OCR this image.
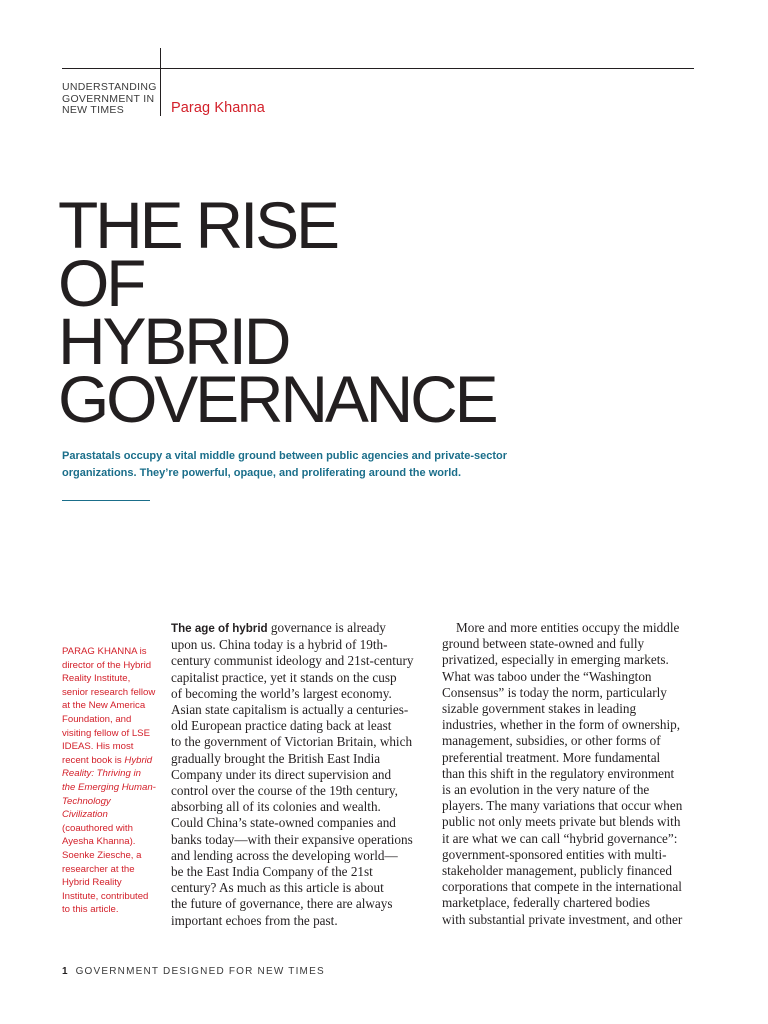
UNDERSTANDING
GOVERNMENT IN
NEW TIMES	Parag Khanna
THE RISE
OF
HYBRID
GOVERNANCE

Parastatals occupy a vital middle ground between public agencies and private-sector organizations. They’re powerful, opaque, and proliferating around the world.

PARAG KHANNA is director of the Hybrid Reality Institute, senior research fellow at the New America Foundation, and visiting fellow of LSE IDEAS. His most recent book is Hybrid Reality: Thriving in the Emerging Human-Technology Civilization (coauthored with Ayesha Khanna). Soenke Ziesche, a researcher at the Hybrid Reality Institute, contributed to this article.

The age of hybrid governance is already
upon us. China today is a hybrid of 19th-
century communist ideology and 21st-century
capitalist practice, yet it stands on the cusp
of becoming the world’s largest economy.
Asian state capitalism is actually a centuries-
old European practice dating back at least
to the government of Victorian Britain, which
gradually brought the British East India
Company under its direct supervision and
control over the course of the 19th century,
absorbing all of its colonies and wealth.
Could China’s state-owned companies and
banks today—with their expansive operations
and lending across the developing world—
be the East India Company of the 21st
century? As much as this article is about
the future of governance, there are always
important echoes from the past.
More and more entities occupy the middle
ground between state-owned and fully
privatized, especially in emerging markets.
What was taboo under the “Washington
Consensus” is today the norm, particularly
sizable government stakes in leading
industries, whether in the form of ownership,
management, subsidies, or other forms of
preferential treatment. More fundamental
than this shift in the regulatory environment
is an evolution in the very nature of the
players. The many variations that occur when
public not only meets private but blends with
it are what we can call “hybrid governance”:
government-sponsored entities with multi-
stakeholder management, publicly financed
corporations that compete in the international
marketplace, federally chartered bodies
with substantial private investment, and other
1 GOVERNMENT DESIGNED FOR NEW TIMES
